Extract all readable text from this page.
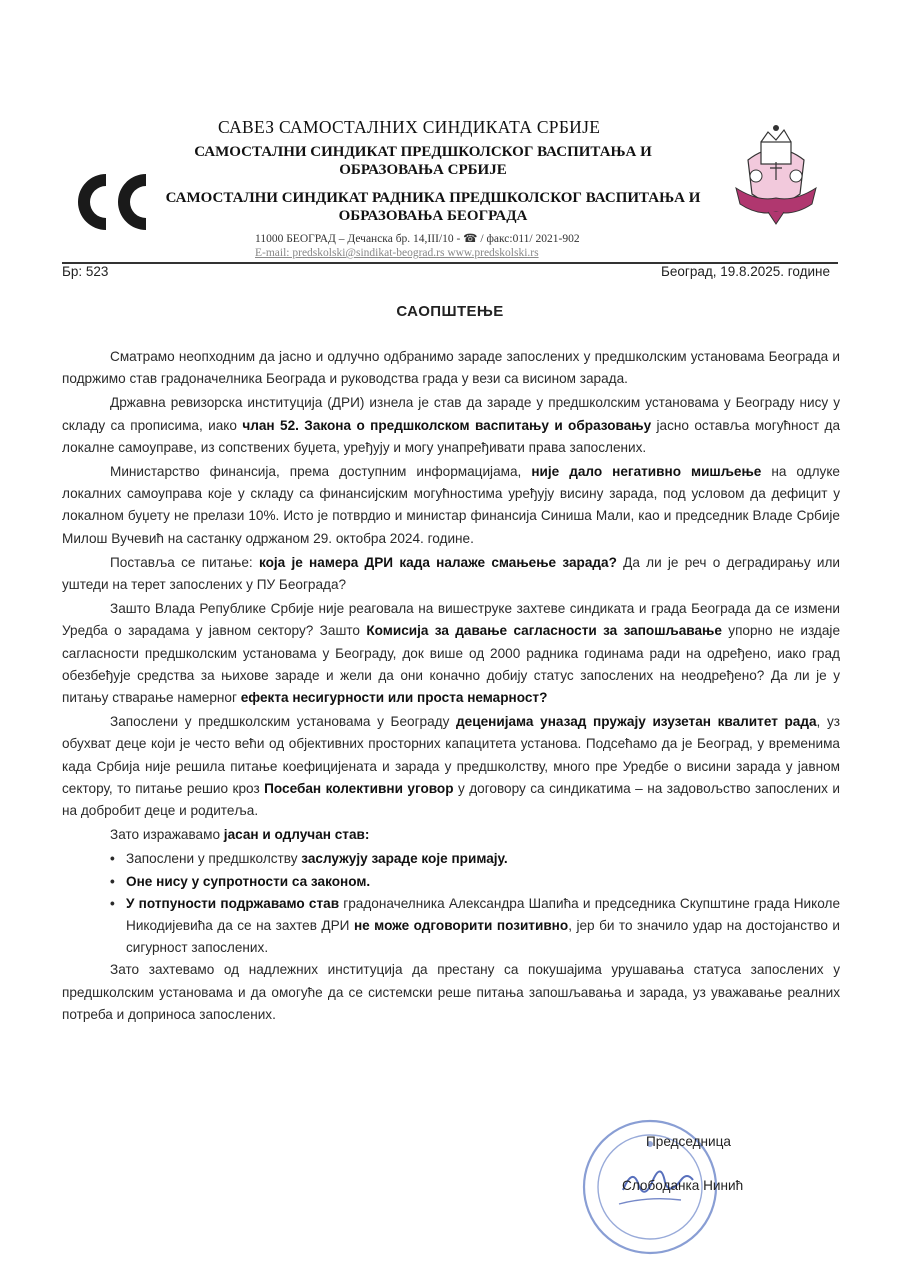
САВЕЗ САМОСТАЛНИХ СИНДИКАТА СРБИЈЕ
САМОСТАЛНИ СИНДИКАТ ПРЕДШКОЛСКОГ ВАСПИТАЊА И ОБРАЗОВАЊА СРБИЈЕ
САМОСТАЛНИ СИНДИКАТ РАДНИКА ПРЕДШКОЛСКОГ ВАСПИТАЊА И ОБРАЗОВАЊА БЕОГРАДА
11000 БЕОГРАД – Дечанска бр. 14,III/10 - ☎ / факс:011/ 2021-902
E-mail: predskolski@sindikat-beograd.rs www.predskolski.rs
Бр: 523	Београд, 19.8.2025. године
САОПШТЕЊЕ

Сматрамо неопходним да јасно и одлучно одбранимо зараде запослених у предшколским установама Београда и подржимо став градоначелника Београда и руководства града у вези са висином зарада.

Државна ревизорска институција (ДРИ) изнела је став да зараде у предшколским установама у Београду нису у складу са прописима, иако члан 52. Закона о предшколском васпитању и образовању јасно оставља могућност да локалне самоуправе, из сопствених буџета, уређују и могу унапређивати права запослених.

Министарство финансија, према доступним информацијама, није дало негативно мишљење на одлуке локалних самоуправа које у складу са финансијским могућностима уређују висину зарада, под условом да дефицит у локалном буџету не прелази 10%. Исто је потврдио и министар финансија Синиша Мали, као и председник Владе Србије Милош Вучевић на састанку одржаном 29. октобра 2024. године.

Поставља се питање: која је намера ДРИ када налаже смањење зарада? Да ли је реч о деградирању или уштеди на терет запослених у ПУ Београда?

Зашто Влада Републике Србије није реаговала на вишеструке захтеве синдиката и града Београда да се измени Уредба о зарадама у јавном сектору? Зашто Комисија за давање сагласности за запошљавање упорно не издаје сагласности предшколским установама у Београду, док више од 2000 радника годинама ради на одређено, иако град обезбеђује средства за њихове зараде и жели да они коначно добију статус запослених на неодређено? Да ли је у питању стварање намерног ефекта несигурности или проста немарност?

Запослени у предшколским установама у Београду деценијама уназад пружају изузетан квалитет рада, уз обухват деце који је често већи од објективних просторних капацитета установа. Подсећамо да је Београд, у временима када Србија није решила питање коефицијената и зарада у предшколству, много пре Уредбе о висини зарада у јавном сектору, то питање решио кроз Посебан колективни уговор у договору са синдикатима – на задовољство запослених и на добробит деце и родитеља.

Зато изражавамо јасан и одлучан став:

• Запослени у предшколству заслужују зараде које примају.
• Оне нису у супротности са законом.
• У потпуности подржавамо став градоначелника Александра Шапића и председника Скупштине града Николе Никодијевића да се на захтев ДРИ не може одговорити позитивно, јер би то значило удар на достојанство и сигурност запослених.

Зато захтевамо од надлежних институција да престану са покушајима урушавања статуса запослених у предшколским установама и да омогуће да се системски реше питања запошљавања и зарада, уз уважавање реалних потреба и доприноса запослених.

Председница
Слободанка Нинић
